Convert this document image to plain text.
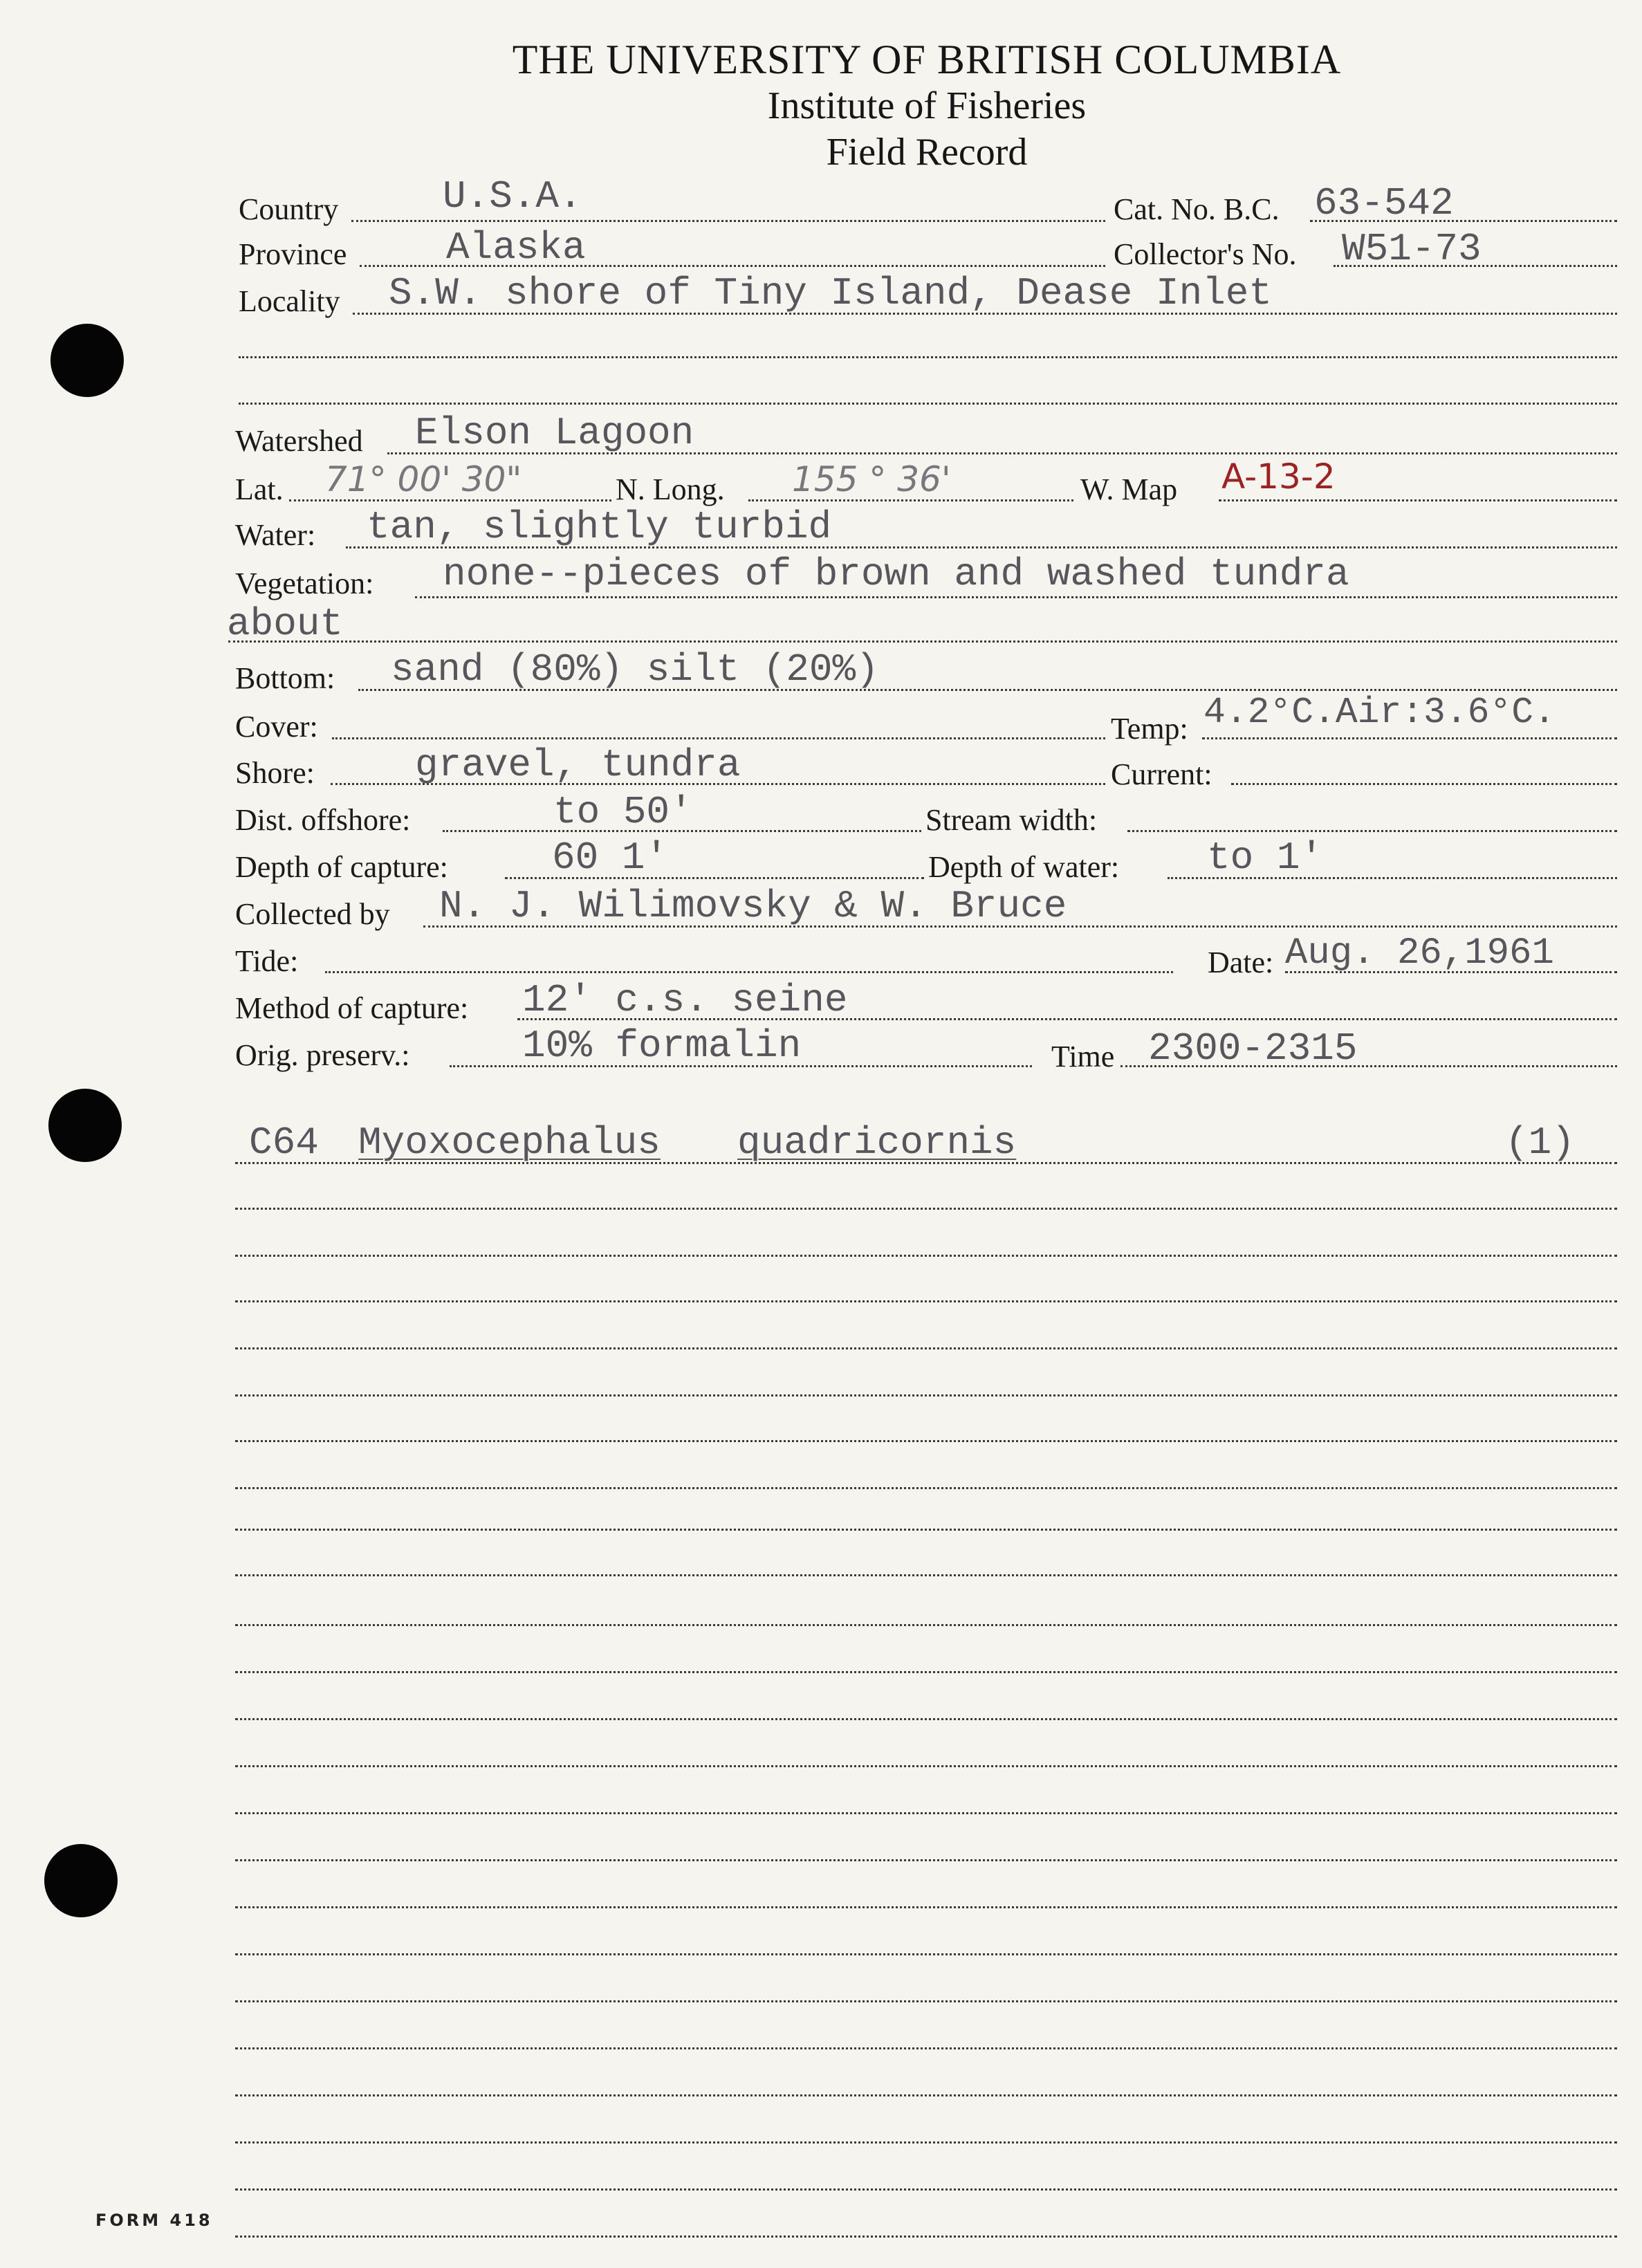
THE UNIVERSITY OF BRITISH COLUMBIA
Institute of Fisheries
Field Record
Country	U.S.A.	Cat. No. B.C. 63-542
Province	Alaska	Collector's No. W51-73
Locality S.W. shore of Tiny Island, Dease Inlet
Watershed Elson Lagoon
Lat. 71° 00' 30"	N. Long. 155 ° 36'	W. Map A-13-2
Water: tan, slightly turbid
Vegetation: none--pieces of brown and washed tundra
about
Bottom: sand (80%) silt (20%)
Cover:	Temp: 4.2°C.Air:3.6°C.
Shore:	gravel, tundra	Current:
Dist. offshore:	to 50'	Stream width:
Depth of capture:	60 1'	Depth of water: to 1'
Collected by N. J. Wilimovsky & W. Bruce
Tide:	Date: Aug. 26,1961
Method of capture: 12' c.s. seine
Orig. preserv.:	10% formalin	Time 2300-2315
C64 Myoxocephalus quadricornis	(1)
FORM 418
